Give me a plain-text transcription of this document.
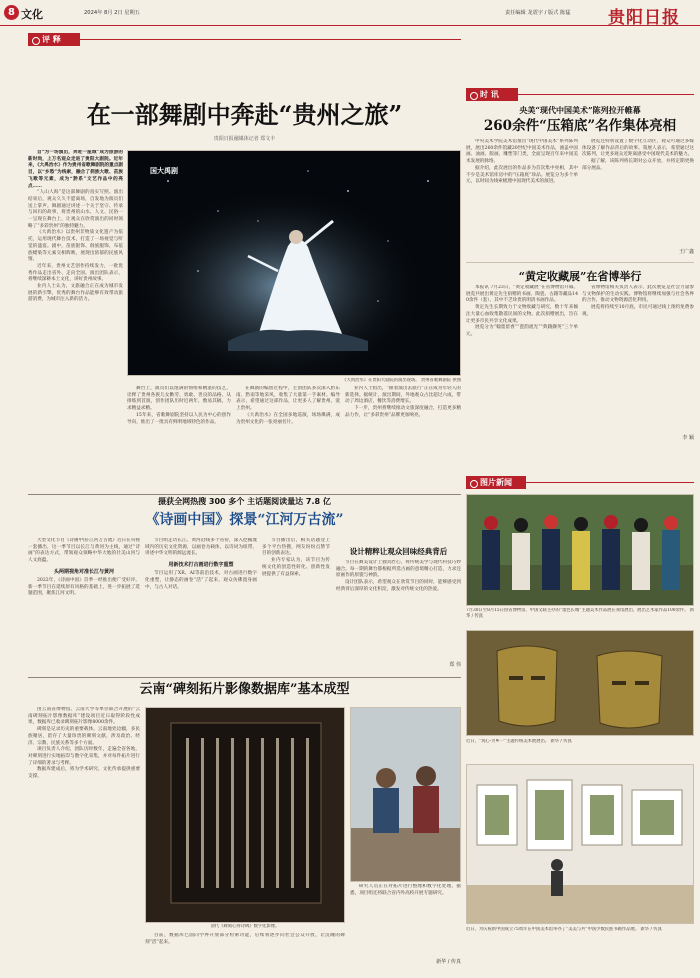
8 文化	2024年 8月 2日 星期五	责任编辑 龙震宇 / 版式 陈猛 贵阳日报
评 释
在一部舞剧中奔赴“贵州之旅”
贵阳日报融媒体记者 郑文丰

自“为一场演出，奔赴一座城”成为旅游的新时尚，上万名观众走进了贵阳大剧院。近年来，《大禹治水》作为贵州省歌舞剧院的重点剧目，以“乡愁”为线索，融合了侗族大歌、苗族飞歌等元素，成为“黔系”文艺作品中的亮点……

“人山人海”是这部舞剧的真实写照。演出结束后，观众久久不愿离场，自发地为演员们送上掌声。舞剧通过讲述一个关于坚守、传承与回归的故事，将贵州的山水、人文、民俗一一呈现在舞台上，让观众在欣赏演出的同时领略了“多彩贵州”的独特魅力。

《大禹治水》以贵州非物质文化遗产为依托，运用现代舞台技术，打造了一场视觉与听觉的盛宴。剧中，苗族银饰、侗族服饰、布依族蜡染等元素交相辉映，展现出浓郁的民族风情。

近年来，贵州文艺创作持续发力，一批优秀作品走出省外、走向全国。演出团队表示，将继续深耕本土文化，讲好贵州故事。

业内人士认为，文旅融合正在成为城市发展的新引擎，优秀的舞台作品能够有效带动旅游消费，为城市注入新的活力。

国大禹剧
《大禹治水》在贵阳大剧院的演出现场。 贵州省歌舞剧院 供图

舞台上，演员们以饱满的情绪和精湛的技艺，诠释了贵州各族儿女勤劳、勇敢、善良的品格。从排练到首演，创作团队历时近两年，数易其稿，力求精益求精。

15年来，省歌舞剧院坚持以人民为中心的创作导向，推出了一批具有鲜明地域特色的作品。

在舞剧的编创过程中，主创团队多次深入黔东南、黔南等地采风，收集了大量第一手素材。编导表示，希望通过这部作品，让更多人了解贵州、爱上贵州。

《大禹治水》在全国多地巡演，场场爆满，成为贵州文化的一张亮丽名片。

业内人士指出，“跟着演出去旅行”正在成为年轻人的新选择。据统计，演出期间，外地观众占比超过六成，带动了周边酒店、餐饮等消费增长。

下一步，贵州将继续推动文旅深度融合，打造更多精品力作，让“多彩贵州”品牌更加响亮。

时 讯
央美“现代中国美术”陈列拉开帷幕
260余件“压箱底”名作集体亮相

中央美术学院美术馆推出“现代中国美术”系列陈列展，展出260余件馆藏20世纪中国美术作品，涵盖中国画、油画、版画、雕塑等门类，全面呈现百年来中国美术发展的脉络。

据介绍，此次展出的作品多为首次集中亮相，其中不少是美术馆库房中的“压箱底”珍品。展览分为多个单元，以时间为线索梳理中国现代美术的演进。

展览还特别设置了数字化互动区，观众可通过多媒体设备了解作品背后的故事。策展人表示，希望通过这次陈列，让更多观众近距离感受中国现代美术的魅力。

据了解，该陈列将长期对公众开放，并将定期更换部分展品。

王广鑫
“黄定收藏展”在省博举行

本报讯 7月23日，“黄定收藏展”在省博物馆开幕。展览共展出黄定先生捐赠的书画、陶瓷、古籍等藏品140余件（套），其中不乏珍贵的明清书画作品。

黄定先生长期致力于文物收藏与研究，数十年来倾注大量心血收集散落民间的文物。此次捐赠展出，旨在让更多市民共享文化成果。

展览分为“翰墨留香”“瓷韵流光”“典籍撷英”三个单元。

省博物馆相关负责人表示，此次展览是社会力量参与文物保护的生动实践。博物馆将继续加强与社会各界的合作，推动文物资源活化利用。

展览将持续至10月底，市民可通过线上预约免费参观。

李 颖
摄获全网热搜 300 多个 主话题阅读量达 7.8 亿
《诗画中国》探景“江河万古流”

大型文化节目《诗画中国·江河万古流》近日在央视一套播出，这一季节目以长江与黄河为主线，通过“诗画”的表达方式，带领观众领略中华大地的壮美山河与人文底蕴。

头两期视角对准长江与黄河

2022年，《诗画中国》首季一经推出便广受好评。新一季节目在延续原有风格的基础上，进一步拓展了选题范围，聚焦江河文明。

节目组走访长江、黄河沿线多个省份，深入挖掘流域内的历史文化资源，以画卷为载体，以诗词为纽带，讲述中华文明的源远流长。

用新技术打古画进行数字重塑

节目运用了XR、AI等前沿技术，对古画进行数字化重塑，让静态的画卷“活”了起来，观众仿佛置身画中，与古人对话。

节目播出后，相关话题登上多个平台热搜，网友纷纷点赞节目的创新表达。

业内专家认为，该节目为传统文化的创造性转化、创新性发展提供了有益探索。

设计精粹让观众回味经典背后

节目在舞美设计上独具匠心，将传统美学与现代科技巧妙融合。每一期的舞台都根据所选古画的意境精心打造，力求还原画作的原貌与神韵。

设计团队表示，希望观众在欣赏节目的同时，能够感受到经典背后深厚的文化积淀，激发对传统文化的热爱。

郑 伟
云南“碑刻拓片影像数据库”基本成型

由云南省博物馆、云南大学等单位联合开展的“云南碑刻拓片影像数据库”建设项目近日取得阶段性成果，数据库已收录碑刻拓片影像8000余件。

碑刻是记录历史的重要载体。云南地处边疆，多民族聚居，留存了大量珍贵的碑刻文献，涉及政治、经济、宗教、民族关系等多个方面。

项目负责人介绍，团队历时数年，走遍全省各地，对碑刻进行实地拓印与数字化采集，并对每件拓片进行了详细的著录与考释。

数据库建成后，将为学术研究、文化传承提供重要支撑。

清代《碑刻心得诗碑》数字化影像。

目前，数据库已面向学界开放部分检索功能，后续将逐步向社会公众开放，让沉睡的碑刻“活”起来。

研究人员正在对拓片进行整理和数字化处理。据悉，项目组还将联合省内外高校开展专题研究。

新华 / 传真
图片新闻
7月30日至8月15日由省博物馆、中国文联主办的“墨色长城”主题美术作品展在我馆展出，展出艺术家作品100余件。 新华 / 传真
近日，“筑心·为乡一”主题传统美术展展出。 新华 / 传真
近日，为庆祝新中国成立75周年在中国美术馆举办了“美美与共”中国少数民族书画作品展。 新华 / 传真
